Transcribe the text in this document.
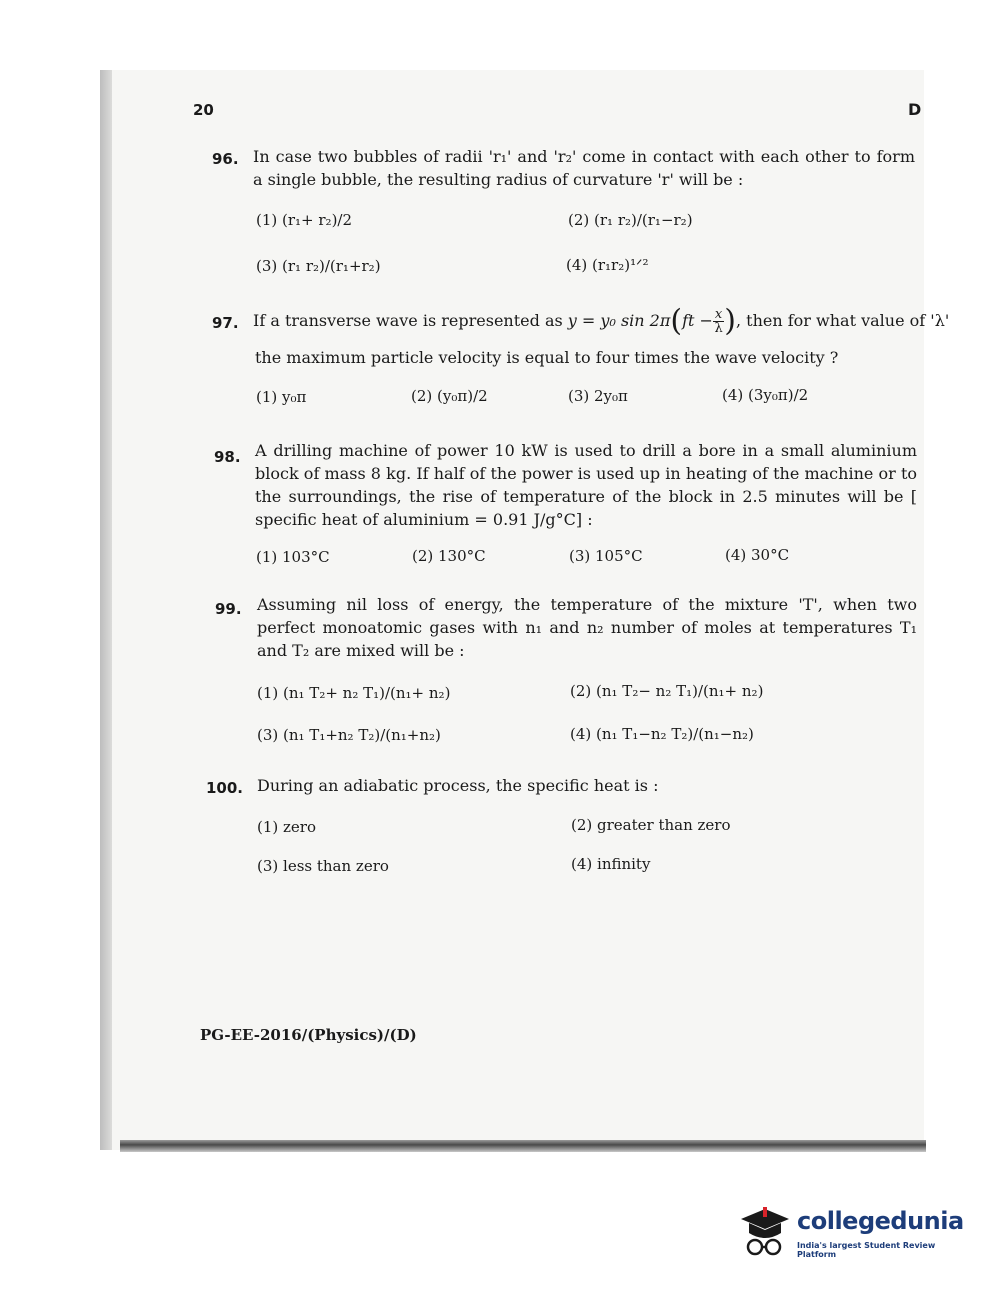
20	D
96. In case two bubbles of radii 'r₁' and 'r₂' come in contact with each other to form a single bubble, the resulting radius of curvature 'r' will be :
(1) (r₁+ r₂)/2	(2) (r₁ r₂)/(r₁−r₂)
(3) (r₁ r₂)/(r₁+r₂)	(4) (r₁r₂)¹ᐟ²
97. If a transverse wave is represented as y = y₀ $\sin 2\pi(ft - \frac{x}{\lambda}$ ), then for what value of 'λ'
the maximum particle velocity is equal to four times the wave velocity ?
(1) y₀π	(2) (y₀π)/2	(3) 2y₀π	(4) (3y₀π)/2
98. A drilling machine of power 10 kW is used to drill a bore in a small aluminium block of mass 8 kg. If half of the power is used up in heating of the machine or to the surroundings, the rise of temperature of the block in 2.5 minutes will be [ specific heat of aluminium = 0.91 J/g°C] :
(1) 103°C	(2) 130°C	(3) 105°C	(4) 30°C
99. Assuming nil loss of energy, the temperature of the mixture 'T', when two perfect monoatomic gases with n₁ and n₂ number of moles at temperatures T₁ and T₂ are mixed will be :
(1) (n₁ T₂+ n₂ T₁)/(n₁+ n₂)	(2) (n₁ T₂− n₂ T₁)/(n₁+ n₂)
(3) (n₁ T₁+n₂ T₂)/(n₁+n₂)	(4) (n₁ T₁−n₂ T₂)/(n₁−n₂)
100. During an adiabatic process, the specific heat is :
(1) zero	(2) greater than zero
(3) less than zero	(4) infinity
PG-EE-2016/(Physics)/(D)
collegedunia
India's largest Student Review Platform
